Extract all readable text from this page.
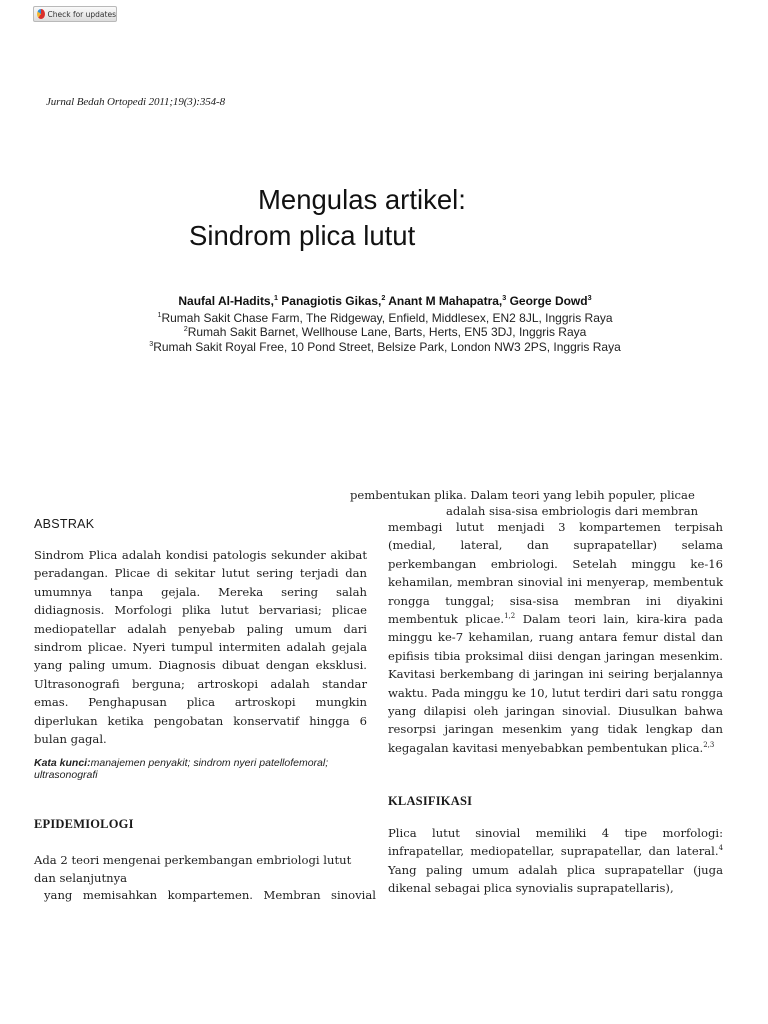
Check for updates
Jurnal Bedah Ortopedi 2011;19(3):354-8
Mengulas artikel:
Sindrom plica lutut
Naufal Al-Hadits,$^1$ Panagiotis Gikas,$^2$ Anant M Mahapatra,$^3$ George Dowd$^3$
$^1$Rumah Sakit Chase Farm, The Ridgeway, Enfield, Middlesex, EN2 8JL, Inggris Raya
$^2$Rumah Sakit Barnet, Wellhouse Lane, Barts, Herts, EN5 3DJ, Inggris Raya
$^3$Rumah Sakit Royal Free, 10 Pond Street, Belsize Park, London NW3 2PS, Inggris Raya
ABSTRAK
Sindrom Plica adalah kondisi patologis sekunder akibat peradangan. Plicae di sekitar lutut sering terjadi dan umumnya tanpa gejala. Mereka sering salah didiagnosis. Morfologi plika lutut bervariasi; plicae mediopatellar adalah penyebab paling umum dari sindrom plicae. Nyeri tumpul intermiten adalah gejala yang paling umum. Diagnosis dibuat dengan eksklusi. Ultrasonografi berguna; artroskopi adalah standar emas. Penghapusan plica artroskopi mungkin diperlukan ketika pengobatan konservatif hingga 6 bulan gagal.
Kata kunci:manajemen penyakit; sindrom nyeri patellofemoral; ultrasonografi
EPIDEMIOLOGI
Ada 2 teori mengenai perkembangan embriologi lutut dan selanjutnya
yang memisahkan kompartemen. Membran sinovial
pembentukan plika. Dalam teori yang lebih populer, plicae
adalah sisa-sisa embriologis dari membran
membagi lutut menjadi 3 kompartemen terpisah (medial, lateral, dan suprapatellar) selama perkembangan embriologi. Setelah minggu ke-16 kehamilan, membran sinovial ini menyerap, membentuk rongga tunggal; sisa-sisa membran ini diyakini membentuk plicae.$^{1,2}$ Dalam teori lain, kira-kira pada minggu ke-7 kehamilan, ruang antara femur distal dan epifisis tibia proksimal diisi dengan jaringan mesenkim. Kavitasi berkembang di jaringan ini seiring berjalannya waktu. Pada minggu ke 10, lutut terdiri dari satu rongga yang dilapisi oleh jaringan sinovial. Diusulkan bahwa resorpsi jaringan mesenkim yang tidak lengkap dan kegagalan kavitasi menyebabkan pembentukan plica.$^{2,3}$
KLASIFIKASI
Plica lutut sinovial memiliki 4 tipe morfologi: infrapatellar, mediopatellar, suprapatellar, dan lateral.$^4$ Yang paling umum adalah plica suprapatellar (juga dikenal sebagai plica synovialis suprapatellaris),
